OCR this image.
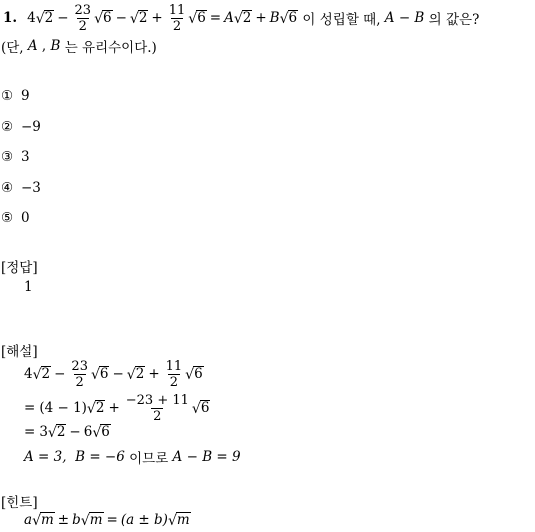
1. 4 √ $2 - \frac{23}{2}$ √ 6 − √ $2 + \frac{11}{2}$ √ 6 = A √ 2 + B √ 6 이 성립할 때, A − B 의 값은?
(단, A , B 는 유리수이다.)
① 9
② −9
③ 3
④ −3
⑤ 0
[정답]
1
[해설]
4 √ $2 - \frac{23}{2}$ √ 6 − √ $2 + \frac{11}{2}$ √ 6
= (4 − 1) √ $2 + \frac{-23 + 11}{2}$ √ 6
= 3 √ 2 − 6 √ 6
A = 3,  B = −6 이므로 A − B = 9
[힌트]
a √ m ± b √ m = (a ± b) √ m
